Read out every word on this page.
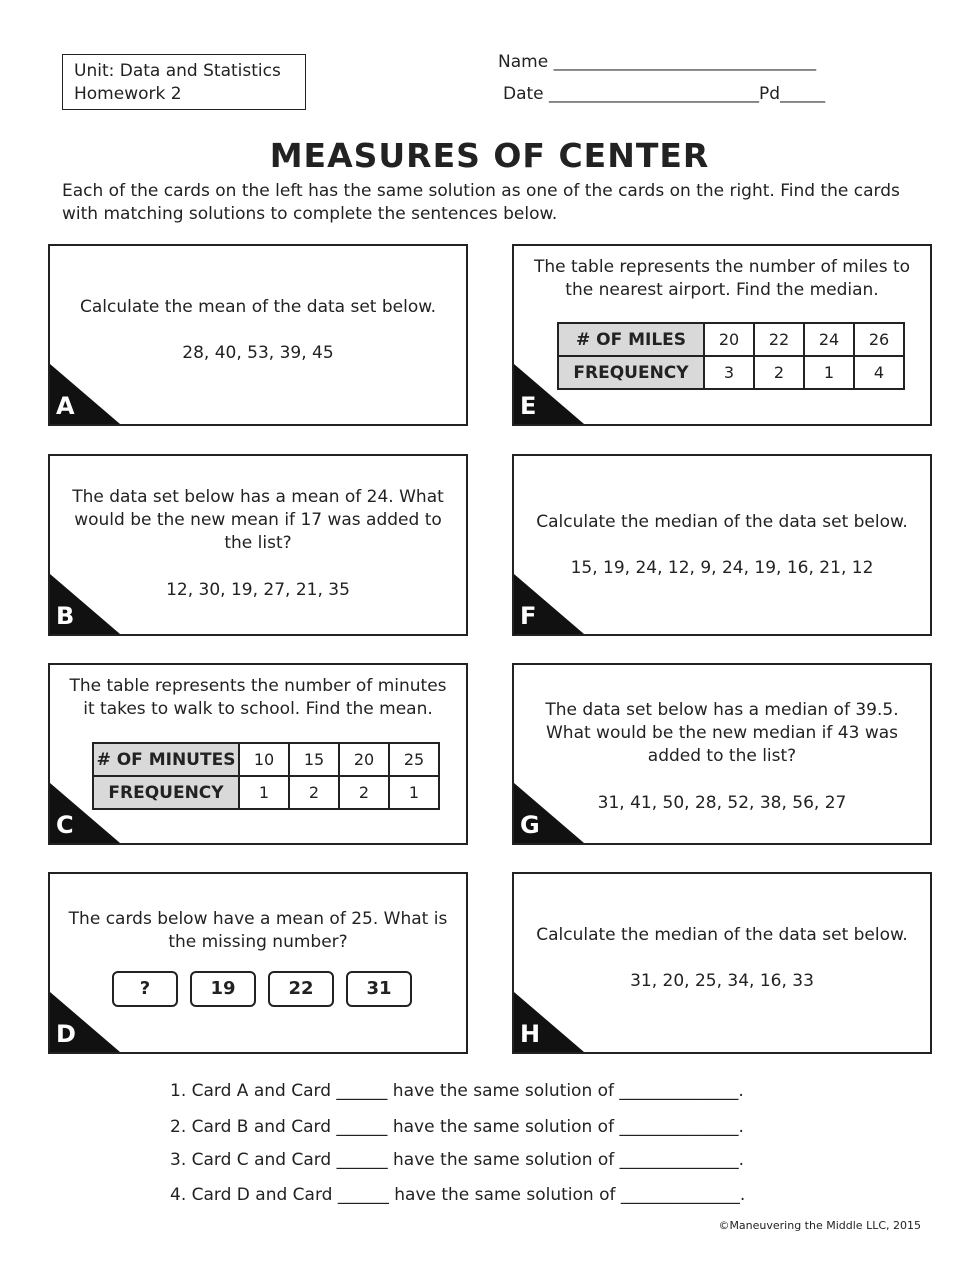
Unit: Data and Statistics
Homework 2
Name ___________________________________
Date ____________________________Pd______
MEASURES OF CENTER
Each of the cards on the left has the same solution as one of the cards on the right. Find the cards with matching solutions to complete the sentences below.
Calculate the mean of the data set below.
28, 40, 53, 39, 45
A
The table represents the number of miles to the nearest airport. Find the median.
# OF MILES	20	22	24	26
FREQUENCY	3	2	1	4
E
The data set below has a mean of 24. What would be the new mean if 17 was added to the list?
12, 30, 19, 27, 21, 35
B
Calculate the median of the data set below.
15, 19, 24, 12, 9, 24, 19, 16, 21, 12
F
The table represents the number of minutes it takes to walk to school. Find the mean.
# OF MINUTES	10	15	20	25
FREQUENCY	1	2	2	1
C
The data set below has a median of 39.5. What would be the new median if 43 was added to the list?
31, 41, 50, 28, 52, 38, 56, 27
G
The cards below have a mean of 25. What is the missing number?
?	19	22	31
D
Calculate the median of the data set below.
31, 20, 25, 34, 16, 33
H
1. Card A and Card ______ have the same solution of ______________.
2. Card B and Card ______ have the same solution of ______________.
3. Card C and Card ______ have the same solution of ______________.
4. Card D and Card ______ have the same solution of ______________.
©Maneuvering the Middle LLC, 2015
